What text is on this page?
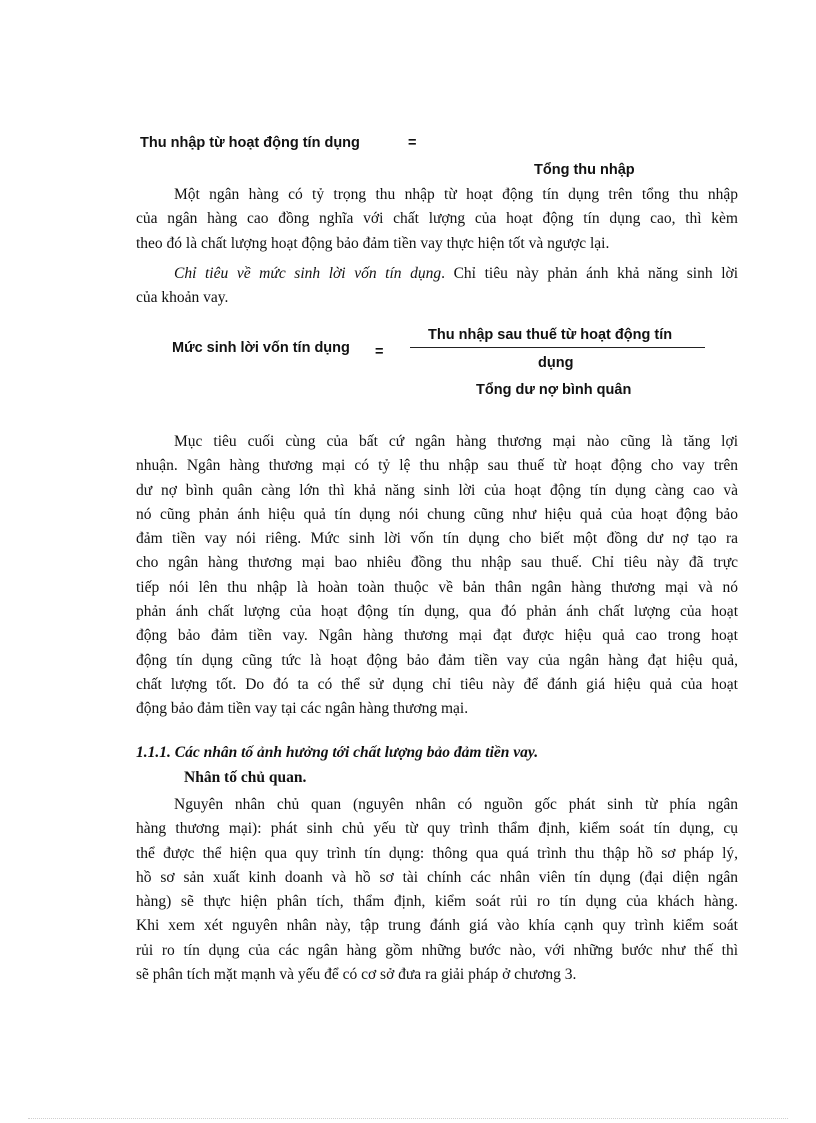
Thu nhập từ hoạt động tín dụng	=
Tổng thu nhập
Một ngân hàng có tỷ trọng thu nhập từ hoạt động tín dụng trên tổng thu nhập
của ngân hàng cao đồng nghĩa với chất lượng của hoạt động tín dụng cao, thì kèm
theo đó là chất lượng hoạt động bảo đảm tiền vay thực hiện tốt và ngược lại.
Chỉ tiêu về mức sinh lời vốn tín dụng. Chỉ tiêu này phản ánh khả năng sinh lời
của khoản vay.
Mức sinh lời vốn tín dụng =
Thu nhập sau thuế từ hoạt động tín
dụng
Tổng dư nợ bình quân
Mục tiêu cuối cùng của bất cứ ngân hàng thương mại nào cũng là tăng lợi
nhuận. Ngân hàng thương mại có tỷ lệ thu nhập sau thuế từ hoạt động cho vay trên
dư nợ bình quân càng lớn thì khả năng sinh lời của hoạt động tín dụng càng cao và
nó cũng phản ánh hiệu quả tín dụng nói chung cũng như hiệu quả của hoạt động bảo
đảm tiền vay nói riêng. Mức sinh lời vốn tín dụng cho biết một đồng dư nợ tạo ra
cho ngân hàng thương mại bao nhiêu đồng thu nhập sau thuế. Chỉ tiêu này đã trực
tiếp nói lên thu nhập là hoàn toàn thuộc về bản thân ngân hàng thương mại và nó
phản ánh chất lượng của hoạt động tín dụng, qua đó phản ánh chất lượng của hoạt
động bảo đảm tiền vay. Ngân hàng thương mại đạt được hiệu quả cao trong hoạt
động tín dụng cũng tức là hoạt động bảo đảm tiền vay của ngân hàng đạt hiệu quả,
chất lượng tốt. Do đó ta có thể sử dụng chỉ tiêu này để đánh giá hiệu quả của hoạt
động bảo đảm tiền vay tại các ngân hàng thương mại.
1.1.1. Các nhân tố ảnh hưởng tới chất lượng bảo đảm tiền vay.
Nhân tố chủ quan.
Nguyên nhân chủ quan (nguyên nhân có nguồn gốc phát sinh từ phía ngân
hàng thương mại): phát sinh chủ yếu từ quy trình thẩm định, kiểm soát tín dụng, cụ
thể được thể hiện qua quy trình tín dụng: thông qua quá trình thu thập hồ sơ pháp lý,
hồ sơ sản xuất kinh doanh và hồ sơ tài chính các nhân viên tín dụng (đại diện ngân
hàng) sẽ thực hiện phân tích, thẩm định, kiểm soát rủi ro tín dụng của khách hàng.
Khi xem xét nguyên nhân này, tập trung đánh giá vào khía cạnh quy trình kiểm soát
rủi ro tín dụng của các ngân hàng gồm những bước nào, với những bước như thế thì
sẽ phân tích mặt mạnh và yếu để có cơ sở đưa ra giải pháp ở chương 3.
